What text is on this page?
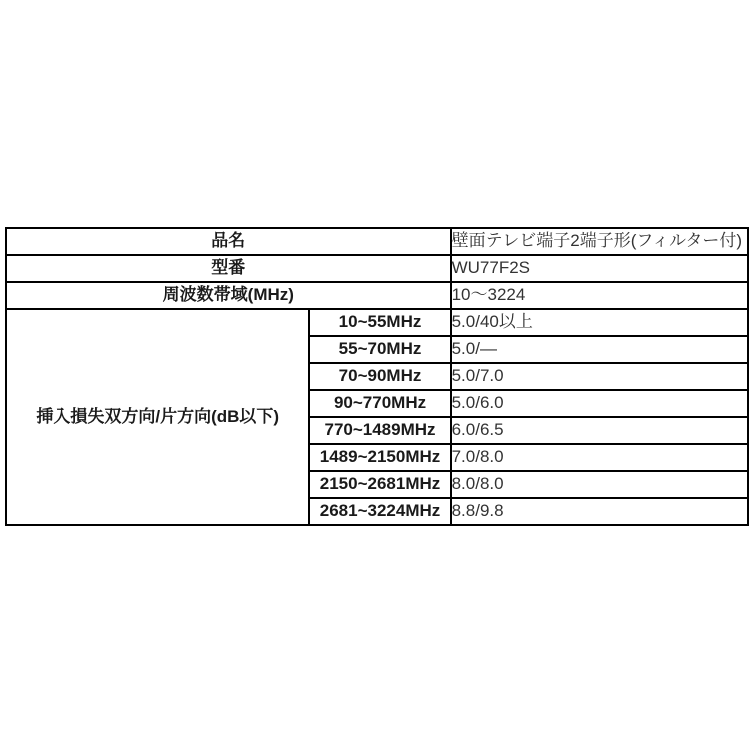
品名		壁面テレビ端子2端子形(フィルター付)
型番		WU77F2S
周波数帯域(MHz)		10〜3224
挿入損失双方向/片方向(dB以下)	10~55MHz	5.0/40以上
	55~70MHz	5.0/—
	70~90MHz	5.0/7.0
	90~770MHz	5.0/6.0
	770~1489MHz	6.0/6.5
	1489~2150MHz	7.0/8.0
	2150~2681MHz	8.0/8.0
	2681~3224MHz	8.8/9.8
